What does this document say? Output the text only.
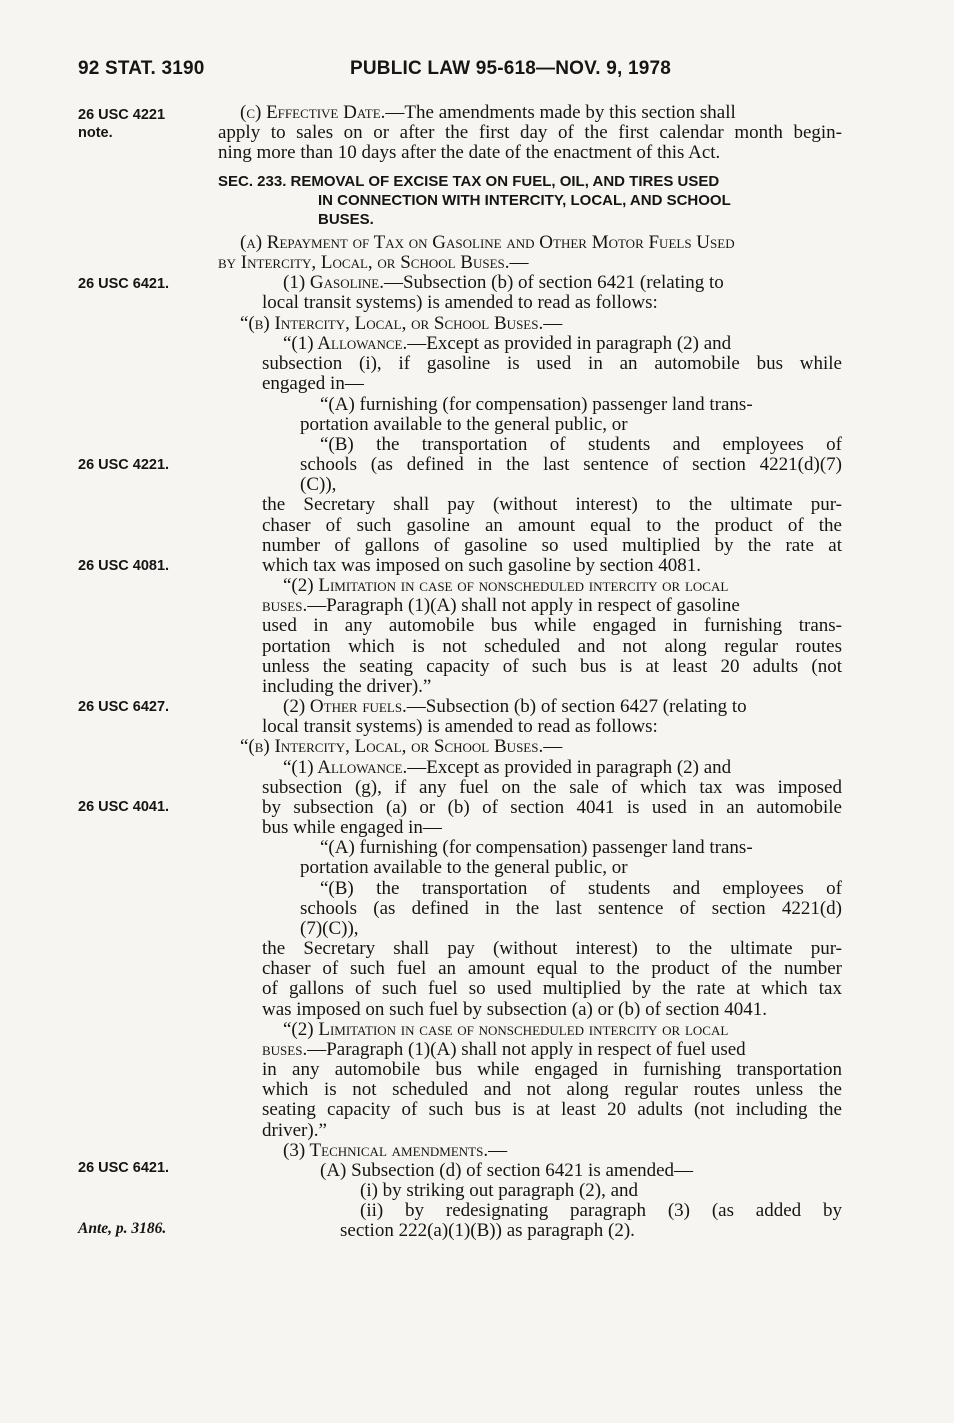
92 STAT. 3190	PUBLIC LAW 95-618—NOV. 9, 1978
26 USC 4221
note.
26 USC 6421.
26 USC 4221.
26 USC 4081.
26 USC 6427.
26 USC 4041.
26 USC 6421.
Ante, p. 3186.
(c) Effective Date.—The amendments made by this section shall
apply to sales on or after the first day of the first calendar month begin-
ning more than 10 days after the date of the enactment of this Act.
SEC. 233. REMOVAL OF EXCISE TAX ON FUEL, OIL, AND TIRES USED
IN CONNECTION WITH INTERCITY, LOCAL, AND SCHOOL
BUSES.
(a) Repayment of Tax on Gasoline and Other Motor Fuels Used
by Intercity, Local, or School Buses.—
(1) Gasoline.—Subsection (b) of section 6421 (relating to
local transit systems) is amended to read as follows:
“(b) Intercity, Local, or School Buses.—
“(1) Allowance.—Except as provided in paragraph (2) and
subsection (i), if gasoline is used in an automobile bus while
engaged in—
“(A) furnishing (for compensation) passenger land trans-
portation available to the general public, or
“(B) the transportation of students and employees of
schools (as defined in the last sentence of section 4221(d)(7)
(C)),
the Secretary shall pay (without interest) to the ultimate pur-
chaser of such gasoline an amount equal to the product of the
number of gallons of gasoline so used multiplied by the rate at
which tax was imposed on such gasoline by section 4081.
“(2) Limitation in case of nonscheduled intercity or local
buses.—Paragraph (1)(A) shall not apply in respect of gasoline
used in any automobile bus while engaged in furnishing trans-
portation which is not scheduled and not along regular routes
unless the seating capacity of such bus is at least 20 adults (not
including the driver).”
(2) Other fuels.—Subsection (b) of section 6427 (relating to
local transit systems) is amended to read as follows:
“(b) Intercity, Local, or School Buses.—
“(1) Allowance.—Except as provided in paragraph (2) and
subsection (g), if any fuel on the sale of which tax was imposed
by subsection (a) or (b) of section 4041 is used in an automobile
bus while engaged in—
“(A) furnishing (for compensation) passenger land trans-
portation available to the general public, or
“(B) the transportation of students and employees of
schools (as defined in the last sentence of section 4221(d)
(7)(C)),
the Secretary shall pay (without interest) to the ultimate pur-
chaser of such fuel an amount equal to the product of the number
of gallons of such fuel so used multiplied by the rate at which tax
was imposed on such fuel by subsection (a) or (b) of section 4041.
“(2) Limitation in case of nonscheduled intercity or local
buses.—Paragraph (1)(A) shall not apply in respect of fuel used
in any automobile bus while engaged in furnishing transportation
which is not scheduled and not along regular routes unless the
seating capacity of such bus is at least 20 adults (not including the
driver).”
(3) Technical amendments.—
(A) Subsection (d) of section 6421 is amended—
(i) by striking out paragraph (2), and
(ii) by redesignating paragraph (3) (as added by
section 222(a)(1)(B)) as paragraph (2).
